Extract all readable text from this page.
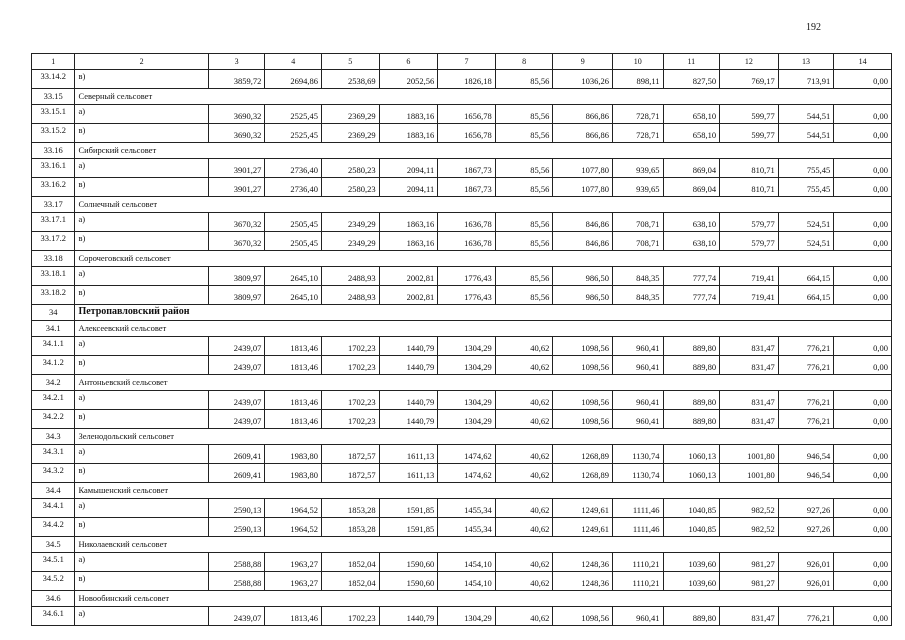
192
1	2	3	4	5	6	7	8	9	10	11	12	13	14
33.14.2	в)	3859,72	2694,86	2538,69	2052,56	1826,18	85,56	1036,26	898,11	827,50	769,17	713,91	0,00
33.15	Северный сельсовет												
33.15.1	а)	3690,32	2525,45	2369,29	1883,16	1656,78	85,56	866,86	728,71	658,10	599,77	544,51	0,00
33.15.2	в)	3690,32	2525,45	2369,29	1883,16	1656,78	85,56	866,86	728,71	658,10	599,77	544,51	0,00
33.16	Сибирский сельсовет												
33.16.1	а)	3901,27	2736,40	2580,23	2094,11	1867,73	85,56	1077,80	939,65	869,04	810,71	755,45	0,00
33.16.2	в)	3901,27	2736,40	2580,23	2094,11	1867,73	85,56	1077,80	939,65	869,04	810,71	755,45	0,00
33.17	Солнечный сельсовет												
33.17.1	а)	3670,32	2505,45	2349,29	1863,16	1636,78	85,56	846,86	708,71	638,10	579,77	524,51	0,00
33.17.2	в)	3670,32	2505,45	2349,29	1863,16	1636,78	85,56	846,86	708,71	638,10	579,77	524,51	0,00
33.18	Сорочеговский сельсовет												
33.18.1	а)	3809,97	2645,10	2488,93	2002,81	1776,43	85,56	986,50	848,35	777,74	719,41	664,15	0,00
33.18.2	в)	3809,97	2645,10	2488,93	2002,81	1776,43	85,56	986,50	848,35	777,74	719,41	664,15	0,00
34	Петропавловский район												
34.1	Алексеевский сельсовет												
34.1.1	а)	2439,07	1813,46	1702,23	1440,79	1304,29	40,62	1098,56	960,41	889,80	831,47	776,21	0,00
34.1.2	в)	2439,07	1813,46	1702,23	1440,79	1304,29	40,62	1098,56	960,41	889,80	831,47	776,21	0,00
34.2	Антоньевский сельсовет												
34.2.1	а)	2439,07	1813,46	1702,23	1440,79	1304,29	40,62	1098,56	960,41	889,80	831,47	776,21	0,00
34.2.2	в)	2439,07	1813,46	1702,23	1440,79	1304,29	40,62	1098,56	960,41	889,80	831,47	776,21	0,00
34.3	Зеленодольский сельсовет												
34.3.1	а)	2609,41	1983,80	1872,57	1611,13	1474,62	40,62	1268,89	1130,74	1060,13	1001,80	946,54	0,00
34.3.2	в)	2609,41	1983,80	1872,57	1611,13	1474,62	40,62	1268,89	1130,74	1060,13	1001,80	946,54	0,00
34.4	Камышенский сельсовет												
34.4.1	а)	2590,13	1964,52	1853,28	1591,85	1455,34	40,62	1249,61	1111,46	1040,85	982,52	927,26	0,00
34.4.2	в)	2590,13	1964,52	1853,28	1591,85	1455,34	40,62	1249,61	1111,46	1040,85	982,52	927,26	0,00
34.5	Николаевский сельсовет												
34.5.1	а)	2588,88	1963,27	1852,04	1590,60	1454,10	40,62	1248,36	1110,21	1039,60	981,27	926,01	0,00
34.5.2	в)	2588,88	1963,27	1852,04	1590,60	1454,10	40,62	1248,36	1110,21	1039,60	981,27	926,01	0,00
34.6	Новообинский сельсовет												
34.6.1	а)	2439,07	1813,46	1702,23	1440,79	1304,29	40,62	1098,56	960,41	889,80	831,47	776,21	0,00
